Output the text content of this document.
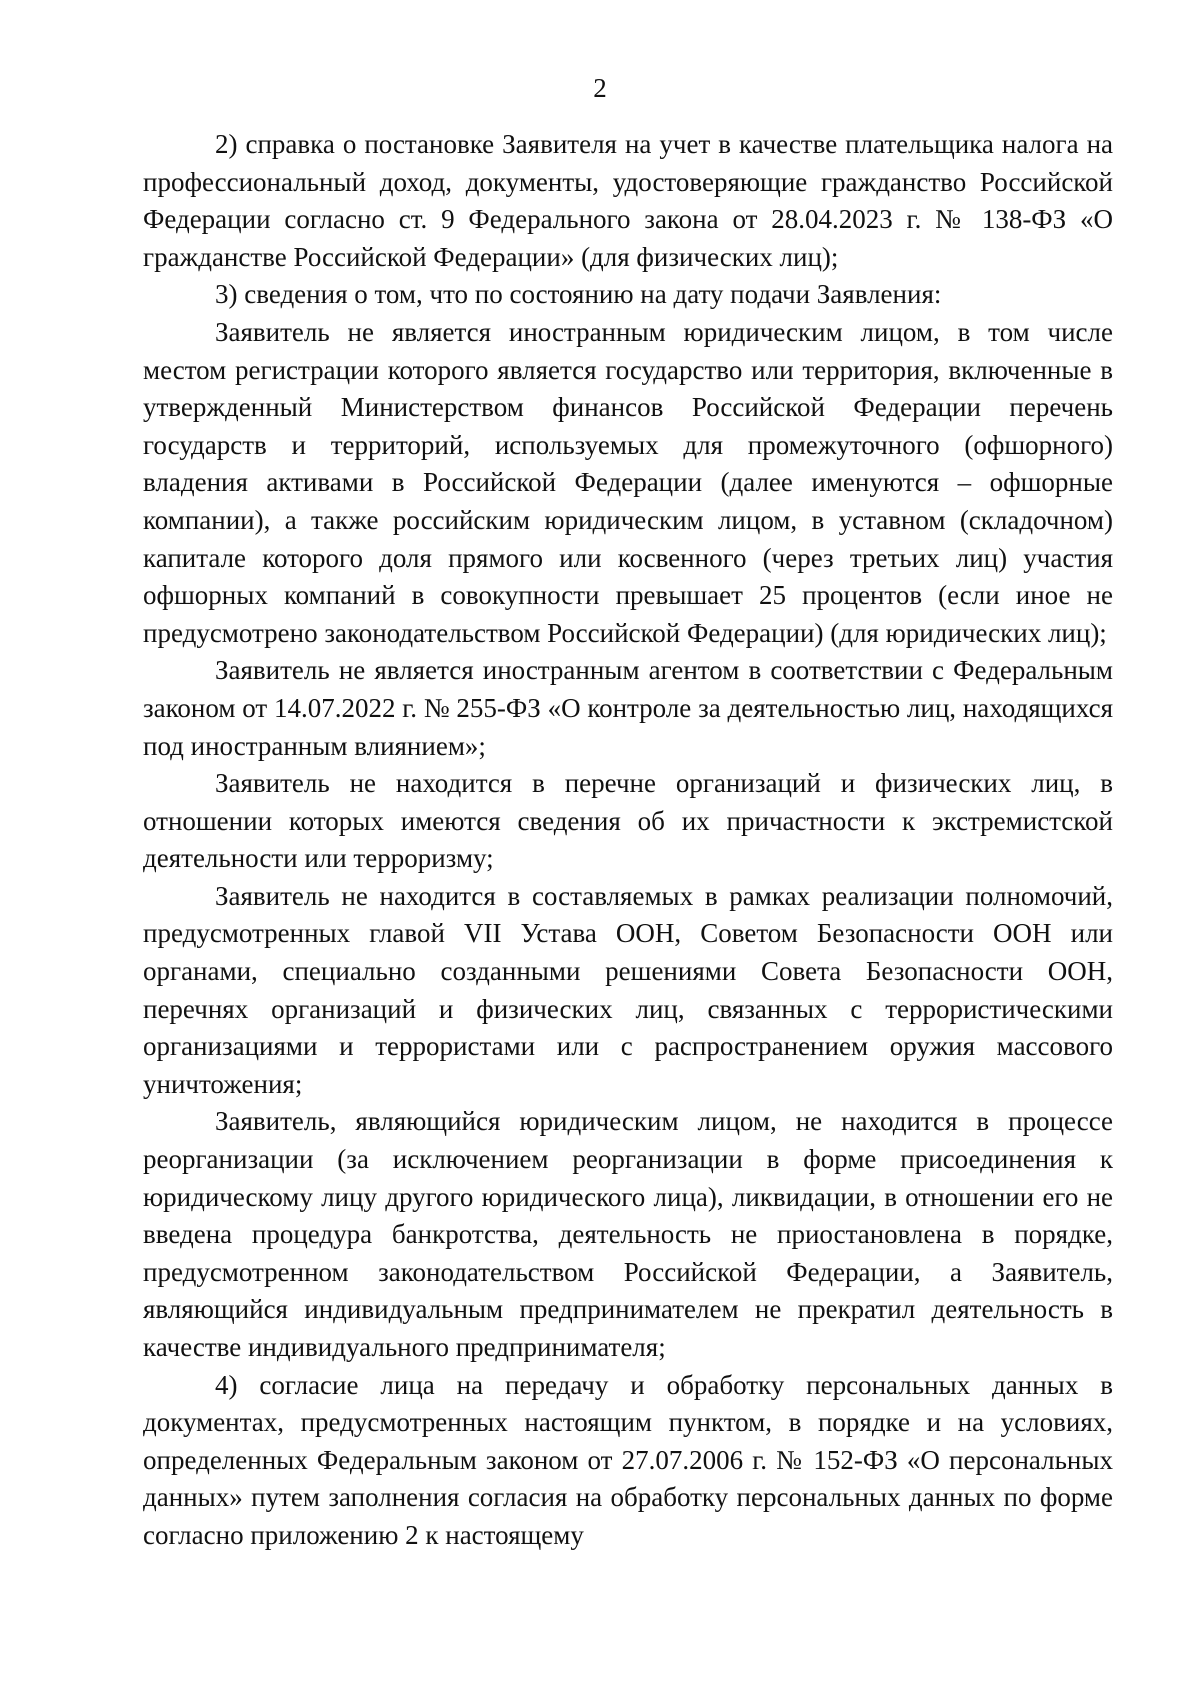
2

2) справка о постановке Заявителя на учет в качестве плательщика налога на профессиональный доход, документы, удостоверяющие гражданство Российской Федерации согласно ст. 9 Федерального закона от 28.04.2023 г. № 138-ФЗ «О гражданстве Российской Федерации» (для физических лиц);

3) сведения о том, что по состоянию на дату подачи Заявления:

Заявитель не является иностранным юридическим лицом, в том числе местом регистрации которого является государство или территория, включенные в утвержденный Министерством финансов Российской Федерации перечень государств и территорий, используемых для промежуточного (офшорного) владения активами в Российской Федерации (далее именуются – офшорные компании), а также российским юридическим лицом, в уставном (складочном) капитале которого доля прямого или косвенного (через третьих лиц) участия офшорных компаний в совокупности превышает 25 процентов (если иное не предусмотрено законодательством Российской Федерации) (для юридических лиц);

Заявитель не является иностранным агентом в соответствии с Федеральным законом от 14.07.2022 г. № 255-ФЗ «О контроле за деятельностью лиц, находящихся под иностранным влиянием»;

Заявитель не находится в перечне организаций и физических лиц, в отношении которых имеются сведения об их причастности к экстремистской деятельности или терроризму;

Заявитель не находится в составляемых в рамках реализации полномочий, предусмотренных главой VII Устава ООН, Советом Безопасности ООН или органами, специально созданными решениями Совета Безопасности ООН, перечнях организаций и физических лиц, связанных с террористическими организациями и террористами или с распространением оружия массового уничтожения;

Заявитель, являющийся юридическим лицом, не находится в процессе реорганизации (за исключением реорганизации в форме присоединения к юридическому лицу другого юридического лица), ликвидации, в отношении его не введена процедура банкротства, деятельность не приостановлена в порядке, предусмотренном законодательством Российской Федерации, а Заявитель, являющийся индивидуальным предпринимателем не прекратил деятельность в качестве индивидуального предпринимателя;

4) согласие лица на передачу и обработку персональных данных в документах, предусмотренных настоящим пунктом, в порядке и на условиях, определенных Федеральным законом от 27.07.2006 г. № 152-ФЗ «О персональных данных» путем заполнения согласия на обработку персональных данных по форме согласно приложению 2 к настоящему
